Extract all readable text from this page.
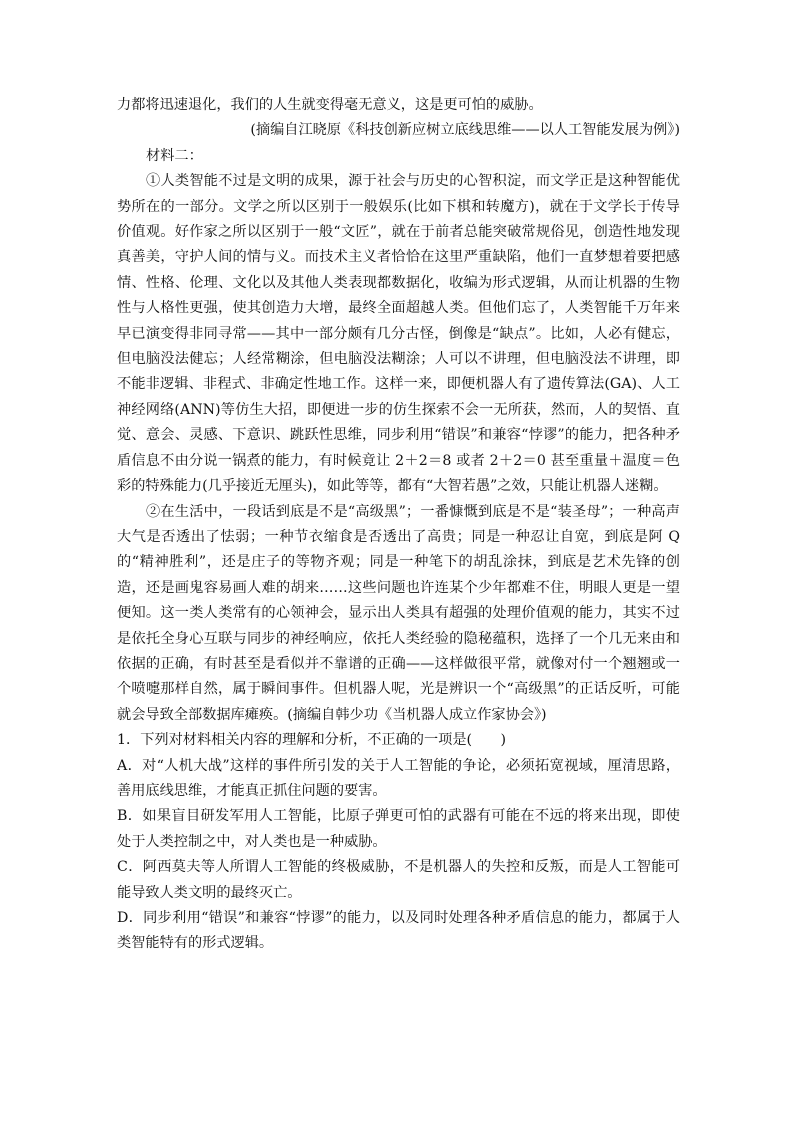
力都将迅速退化，我们的人生就变得毫无意义，这是更可怕的威胁。

(摘编自江晓原《科技创新应树立底线思维——以人工智能发展为例》)

材料二：

①人类智能不过是文明的成果，源于社会与历史的心智积淀，而文学正是这种智能优势所在的一部分。文学之所以区别于一般娱乐(比如下棋和转魔方)，就在于文学长于传导价值观。好作家之所以区别于一般“文匠”，就在于前者总能突破常规俗见，创造性地发现真善美，守护人间的情与义。而技术主义者恰恰在这里严重缺陷，他们一直梦想着要把感情、性格、伦理、文化以及其他人类表现都数据化，收编为形式逻辑，从而让机器的生物性与人格性更强，使其创造力大增，最终全面超越人类。但他们忘了，人类智能千万年来早已演变得非同寻常——其中一部分颇有几分古怪，倒像是“缺点”。比如，人必有健忘，但电脑没法健忘；人经常糊涂，但电脑没法糊涂；人可以不讲理，但电脑没法不讲理，即不能非逻辑、非程式、非确定性地工作。这样一来，即便机器人有了遗传算法(GA)、人工神经网络(ANN)等仿生大招，即便进一步的仿生探索不会一无所获，然而，人的契悟、直觉、意会、灵感、下意识、跳跃性思维，同步利用“错误”和兼容“悖谬”的能力，把各种矛盾信息不由分说一锅煮的能力，有时候竟让 2＋2＝8 或者 2＋2＝0 甚至重量＋温度＝色彩的特殊能力(几乎接近无厘头)，如此等等，都有“大智若愚”之效，只能让机器人迷糊。

②在生活中，一段话到底是不是“高级黑”；一番慷慨到底是不是“装圣母”；一种高声大气是否透出了怯弱；一种节衣缩食是否透出了高贵；同是一种忍让自宽，到底是阿 Q 的“精神胜利”，还是庄子的等物齐观；同是一种笔下的胡乱涂抹，到底是艺术先锋的创造，还是画鬼容易画人难的胡来……这些问题也许连某个少年都难不住，明眼人更是一望便知。这一类人类常有的心领神会，显示出人类具有超强的处理价值观的能力，其实不过是依托全身心互联与同步的神经响应，依托人类经验的隐秘蕴积，选择了一个几无来由和依据的正确，有时甚至是看似并不靠谱的正确——这样做很平常，就像对付一个翘翘或一个喷嚏那样自然，属于瞬间事件。但机器人呢，光是辨识一个“高级黑”的正话反听，可能就会导致全部数据库瘫痪。(摘编自韩少功《当机器人成立作家协会》)

1．下列对材料相关内容的理解和分析，不正确的一项是(　　)

A．对“人机大战”这样的事件所引发的关于人工智能的争论，必须拓宽视域，厘清思路，善用底线思维，才能真正抓住问题的要害。

B．如果盲目研发军用人工智能，比原子弹更可怕的武器有可能在不远的将来出现，即使处于人类控制之中，对人类也是一种威胁。

C．阿西莫夫等人所谓人工智能的终极威胁，不是机器人的失控和反叛，而是人工智能可能导致人类文明的最终灭亡。

D．同步利用“错误”和兼容“悖谬”的能力，以及同时处理各种矛盾信息的能力，都属于人类智能特有的形式逻辑。
